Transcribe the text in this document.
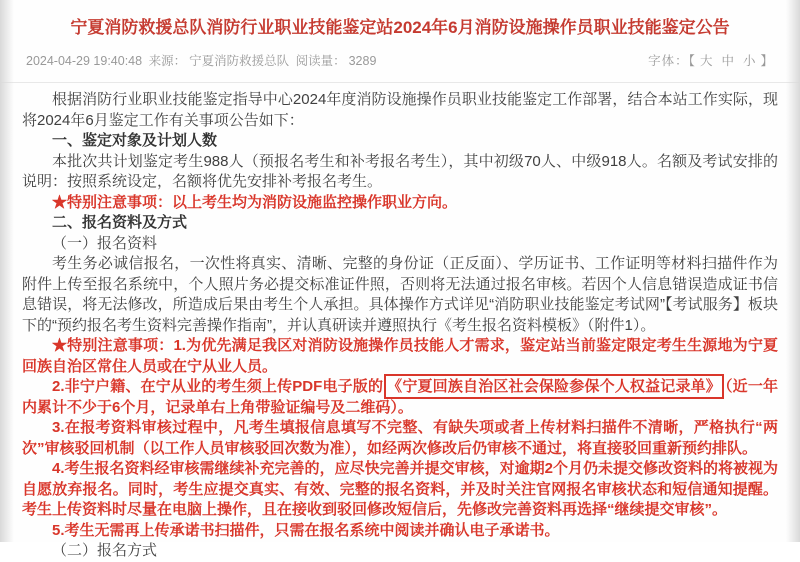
宁夏消防救援总队消防行业职业技能鉴定站2024年6月消防设施操作员职业技能鉴定公告
2024-04-29 19:40:48 来源： 宁夏消防救援总队 阅读量： 3289	字体：【 大 中 小 】

根据消防行业职业技能鉴定指导中心2024年度消防设施操作员职业技能鉴定工作部署，结合本站工作实际，现将2024年6月鉴定工作有关事项公告如下：

一、鉴定对象及计划人数

本批次共计划鉴定考生988人（预报名考生和补考报名考生），其中初级70人、中级918人。名额及考试安排的说明：按照系统设定，名额将优先安排补考报名考生。

★特别注意事项：以上考生均为消防设施监控操作职业方向。

二、报名资料及方式

（一）报名资料

考生务必诚信报名，一次性将真实、清晰、完整的身份证（正反面）、学历证书、工作证明等材料扫描件作为附件上传至报名系统中，个人照片务必提交标准证件照，否则将无法通过报名审核。若因个人信息错误造成证书信息错误，将无法修改，所造成后果由考生个人承担。具体操作方式详见“消防职业技能鉴定考试网”【考试服务】板块下的“预约报名考生资料完善操作指南”，并认真研读并遵照执行《考生报名资料模板》（附件1）。

★特别注意事项：1.为优先满足我区对消防设施操作员技能人才需求，鉴定站当前鉴定限定考生生源地为宁夏回族自治区常住人员或在宁从业人员。

2.非宁户籍、在宁从业的考生须上传PDF电子版的 《宁夏回族自治区社会保险参保个人权益记录单》 （近一年内累计不少于6个月，记录单右上角带验证编号及二维码）。

3.在报考资料审核过程中，凡考生填报信息填写不完整、有缺失项或者上传材料扫描件不清晰，严格执行“两次”审核驳回机制（以工作人员审核驳回次数为准），如经两次修改后仍审核不通过，将直接驳回重新预约排队。

4.考生报名资料经审核需继续补充完善的，应尽快完善并提交审核，对逾期2个月仍未提交修改资料的将被视为自愿放弃报名。同时，考生应提交真实、有效、完整的报名资料，并及时关注官网报名审核状态和短信通知提醒。考生上传资料时尽量在电脑上操作，且在接收到驳回修改短信后，先修改完善资料再选择“继续提交审核”。

5.考生无需再上传承诺书扫描件，只需在报名系统中阅读并确认电子承诺书。

（二）报名方式
